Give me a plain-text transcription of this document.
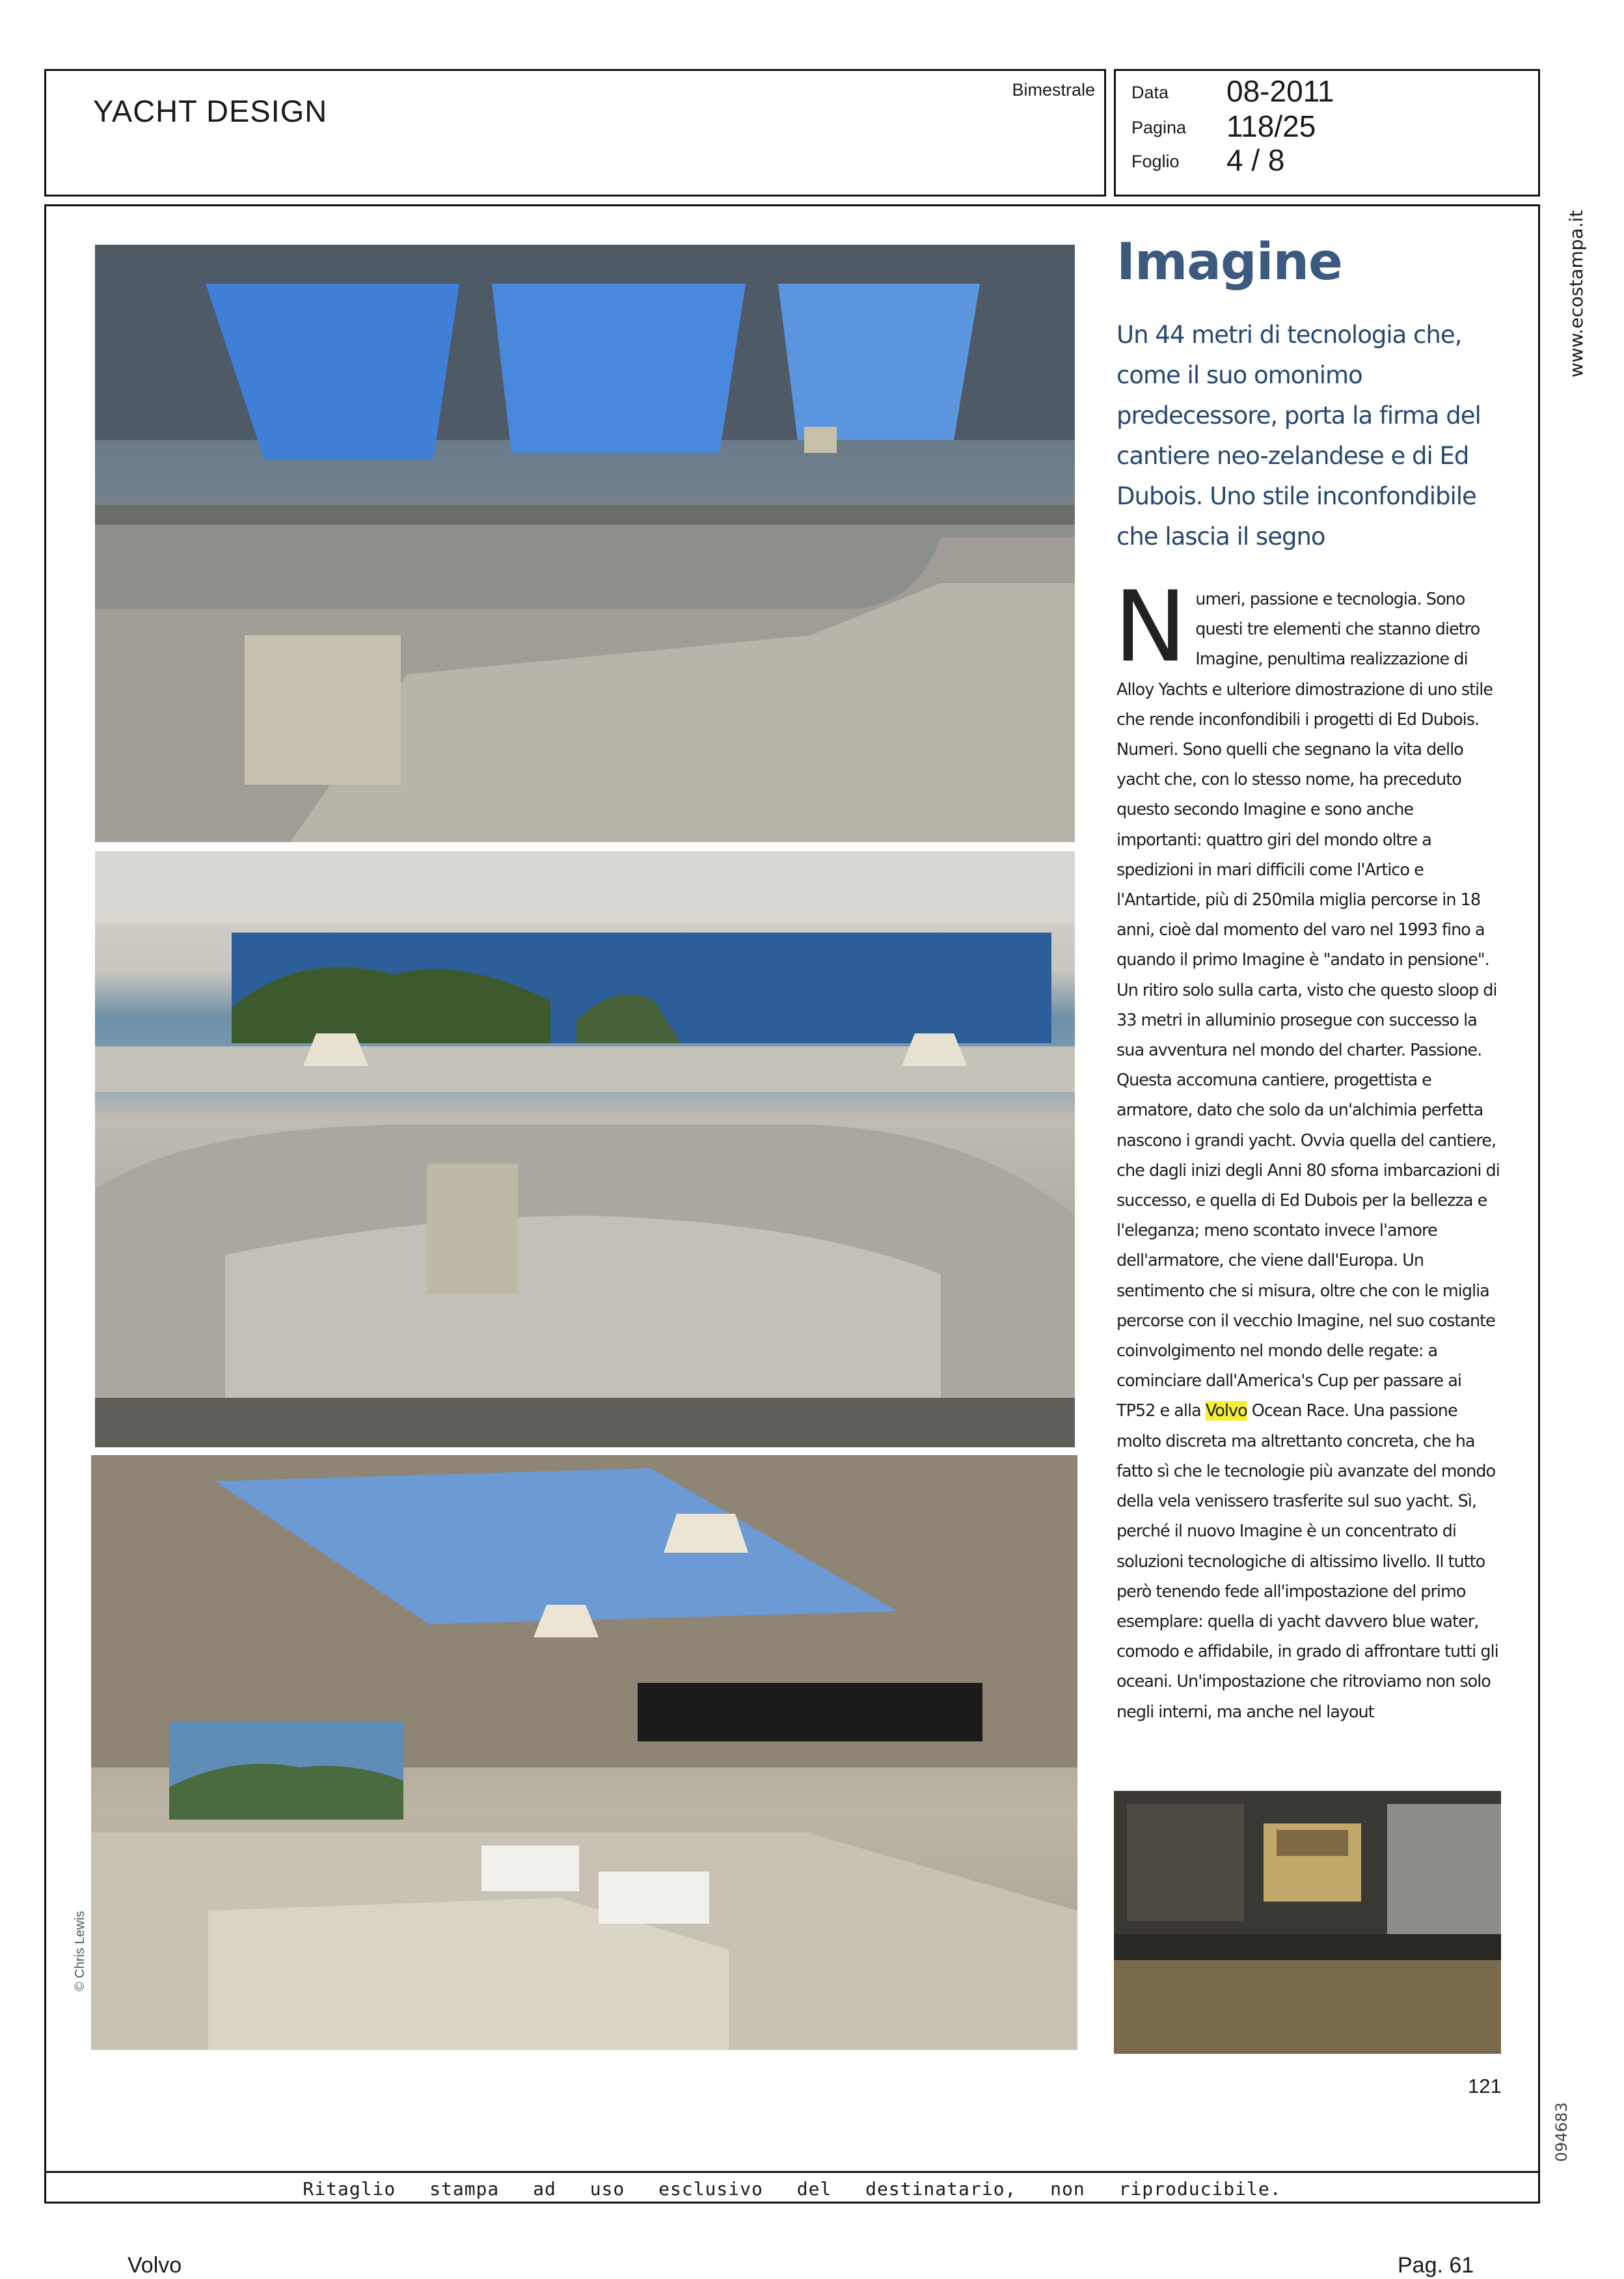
YACHT DESIGN
Bimestrale Data 08-2011
Pagina 118/25
Foglio 4 / 8
© Chris Lewis
Imagine
Un 44 metri di tecnologia che, come il suo omonimo predecessore, porta la firma del cantiere neo-zelandese e di Ed Dubois. Uno stile inconfondibile che lascia il segno
Numeri, passione e tecnologia. Sono questi tre elementi che stanno dietro Imagine, penultima realizzazione di Alloy Yachts e ulteriore dimostrazione di uno stile che rende inconfondibili i progetti di Ed Dubois. Numeri. Sono quelli che segnano la vita dello yacht che, con lo stesso nome, ha preceduto questo secondo Imagine e sono anche importanti: quattro giri del mondo oltre a spedizioni in mari difficili come l'Artico e l'Antartide, più di 250mila miglia percorse in 18 anni, cioè dal momento del varo nel 1993 fino a quando il primo Imagine è "andato in pensione". Un ritiro solo sulla carta, visto che questo sloop di 33 metri in alluminio prosegue con successo la sua avventura nel mondo del charter. Passione. Questa accomuna cantiere, progettista e armatore, dato che solo da un'alchimia perfetta nascono i grandi yacht. Ovvia quella del cantiere, che dagli inizi degli Anni 80 sforna imbarcazioni di successo, e quella di Ed Dubois per la bellezza e l'eleganza; meno scontato invece l'amore dell'armatore, che viene dall'Europa. Un sentimento che si misura, oltre che con le miglia percorse con il vecchio Imagine, nel suo costante coinvolgimento nel mondo delle regate: a cominciare dall'America's Cup per passare ai TP52 e alla Volvo Ocean Race. Una passione molto discreta ma altrettanto concreta, che ha fatto sì che le tecnologie più avanzate del mondo della vela venissero trasferite sul suo yacht. Sì, perché il nuovo Imagine è un concentrato di soluzioni tecnologiche di altissimo livello. Il tutto però tenendo fede all'impostazione del primo esemplare: quella di yacht davvero blue water, comodo e affidabile, in grado di affrontare tutti gli oceani. Un'impostazione che ritroviamo non solo negli interni, ma anche nel layout
121
www.ecostampa.it
094683
Ritaglio stampa ad uso esclusivo del destinatario, non riproducibile.
Volvo	Pag. 61
